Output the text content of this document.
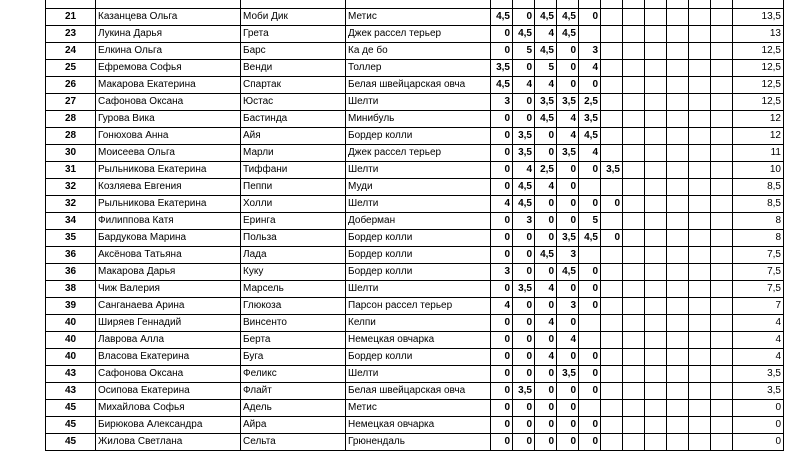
21	Казанцева Ольга	Моби Дик	Метис	4,5	0	4,5	4,5	0							13,5
23	Лукина Дарья	Грета	Джек рассел терьер	0	4,5	4	4,5								13
24	Елкина Ольга	Барс	Ка де бо	0	5	4,5	0	3							12,5
25	Ефремова Софья	Венди	Толлер	3,5	0	5	0	4							12,5
26	Макарова Екатерина	Спартак	Белая швейцарская овча	4,5	4	4	0	0							12,5
27	Сафонова Оксана	Юстас	Шелти	3	0	3,5	3,5	2,5							12,5
28	Гурова Вика	Бастинда	Минибуль	0	0	4,5	4	3,5							12
28	Гонюхова Анна	Айя	Бордер колли	0	3,5	0	4	4,5							12
30	Моисеева Ольга	Марли	Джек рассел терьер	0	3,5	0	3,5	4							11
31	Рыльникова Екатерина	Тиффани	Шелти	0	4	2,5	0	0	3,5						10
32	Козляева Евгения	Пеппи	Муди	0	4,5	4	0								8,5
32	Рыльникова Екатерина	Холли	Шелти	4	4,5	0	0	0	0						8,5
34	Филиппова Катя	Ерингa	Доберман	0	3	0	0	5							8
35	Бардукова Марина	Польза	Бордер колли	0	0	0	3,5	4,5	0						8
36	Аксёнова Татьяна	Лада	Бордер колли	0	0	4,5	3								7,5
36	Макарова Дарья	Куку	Бордер колли	3	0	0	4,5	0							7,5
38	Чиж Валерия	Марсель	Шелти	0	3,5	4	0	0							7,5
39	Санганаева Арина	Глюкоза	Парсон рассел терьер	4	0	0	3	0							7
40	Ширяев Геннадий	Винсенто	Келпи	0	0	4	0								4
40	Лаврова Алла	Берта	Немецкая овчарка	0	0	0	4								4
40	Власова Екатерина	Буга	Бордер колли	0	0	4	0	0							4
43	Сафонова Оксана	Феликс	Шелти	0	0	0	3,5	0							3,5
43	Осипова Екатерина	Флайт	Белая швейцарская овча	0	3,5	0	0	0							3,5
45	Михайлова Софья	Адель	Метис	0	0	0	0								0
45	Бирюкова Александра	Айра	Немецкая овчарка	0	0	0	0	0							0
45	Жилова Светлана	Сельта	Грюнендаль	0	0	0	0	0							0
